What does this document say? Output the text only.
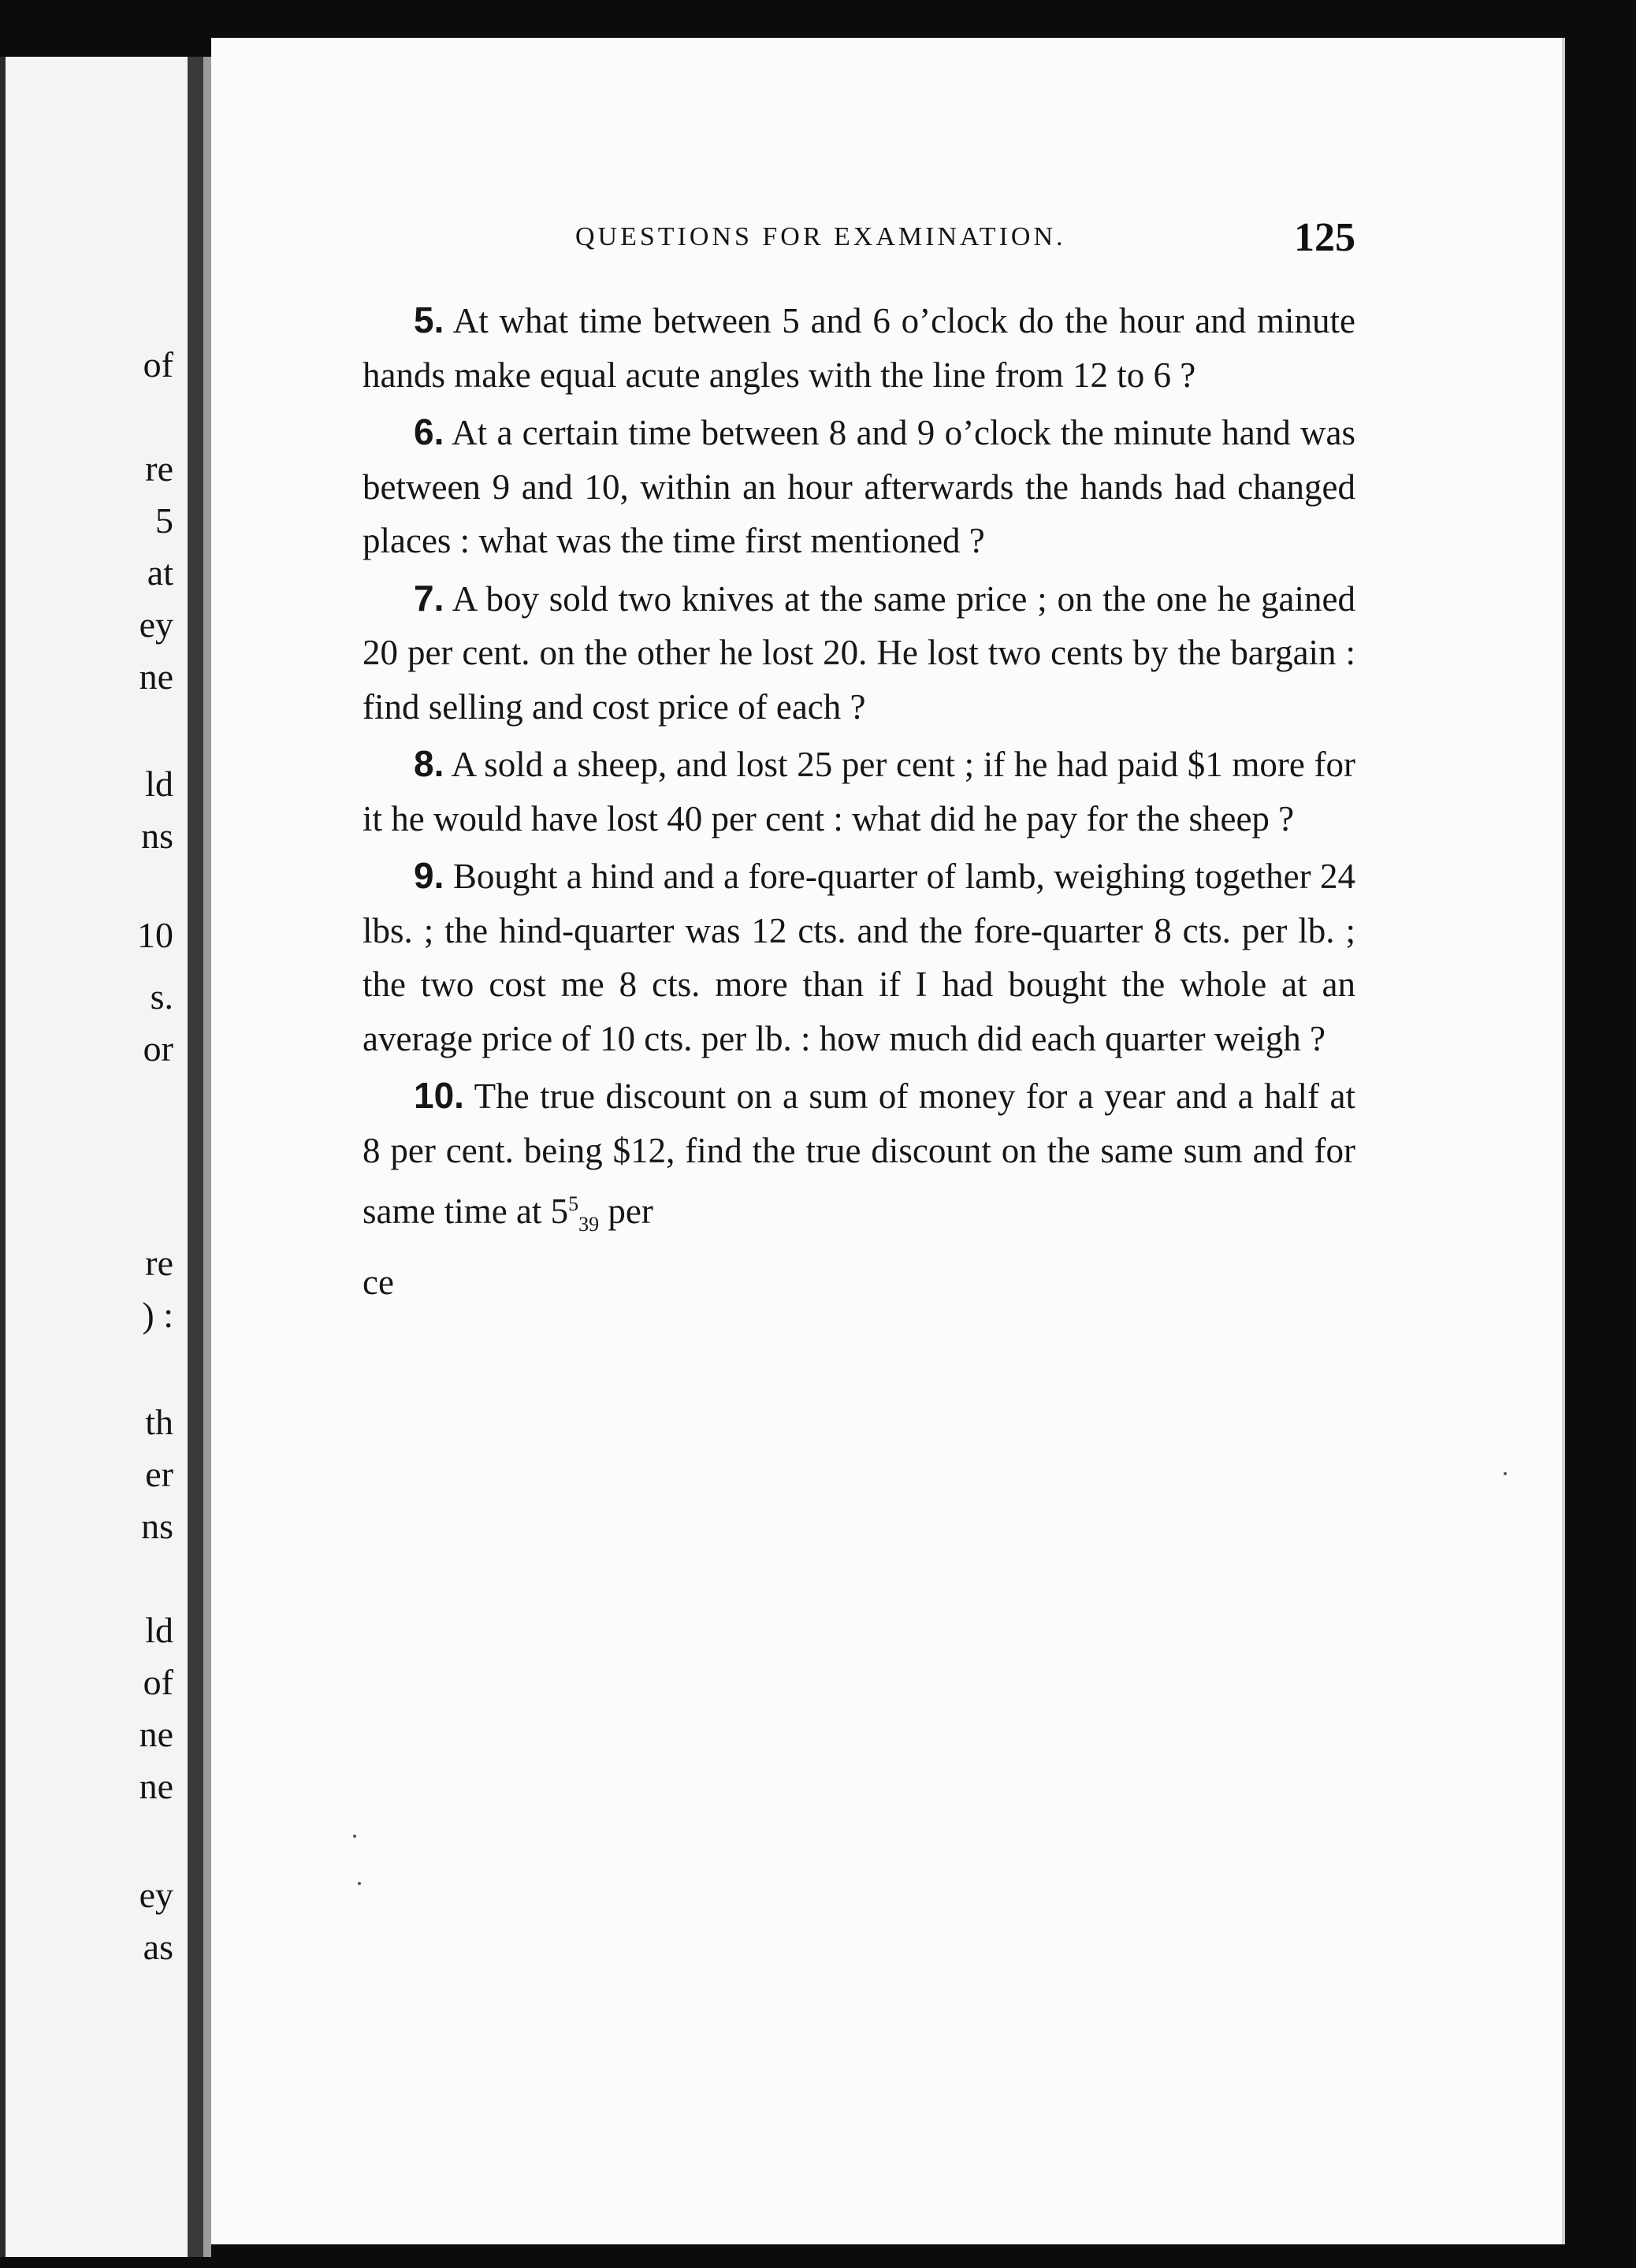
of
re
5
at
ey
ne
ld
ns
10
s.
or
re
) :
th
er
ns
ld
of
ne
ne
ey
as
QUESTIONS FOR EXAMINATION.	125

5. At what time between 5 and 6 o’clock do the hour and minute hands make equal acute angles with the line from 12 to 6 ?

6. At a certain time between 8 and 9 o’clock the minute hand was between 9 and 10, within an hour afterwards the hands had changed places : what was the time first mentioned ?

7. A boy sold two knives at the same price ; on the one he gained 20 per cent. on the other he lost 20. He lost two cents by the bargain : find selling and cost price of each ?

8. A sold a sheep, and lost 25 per cent ; if he had paid $1 more for it he would have lost 40 per cent : what did he pay for the sheep ?

9. Bought a hind and a fore-quarter of lamb, weighing together 24 lbs. ; the hind-quarter was 12 cts. and the fore-quarter 8 cts. per lb. ; the two cost me 8 cts. more than if I had bought the whole at an average price of 10 cts. per lb. : how much did each quarter weigh ?

10. The true discount on a sum of money for a year and a half at 8 per cent. being $12, find the true discount on the same sum and for same time at $5^5_{39}$ per

ce
